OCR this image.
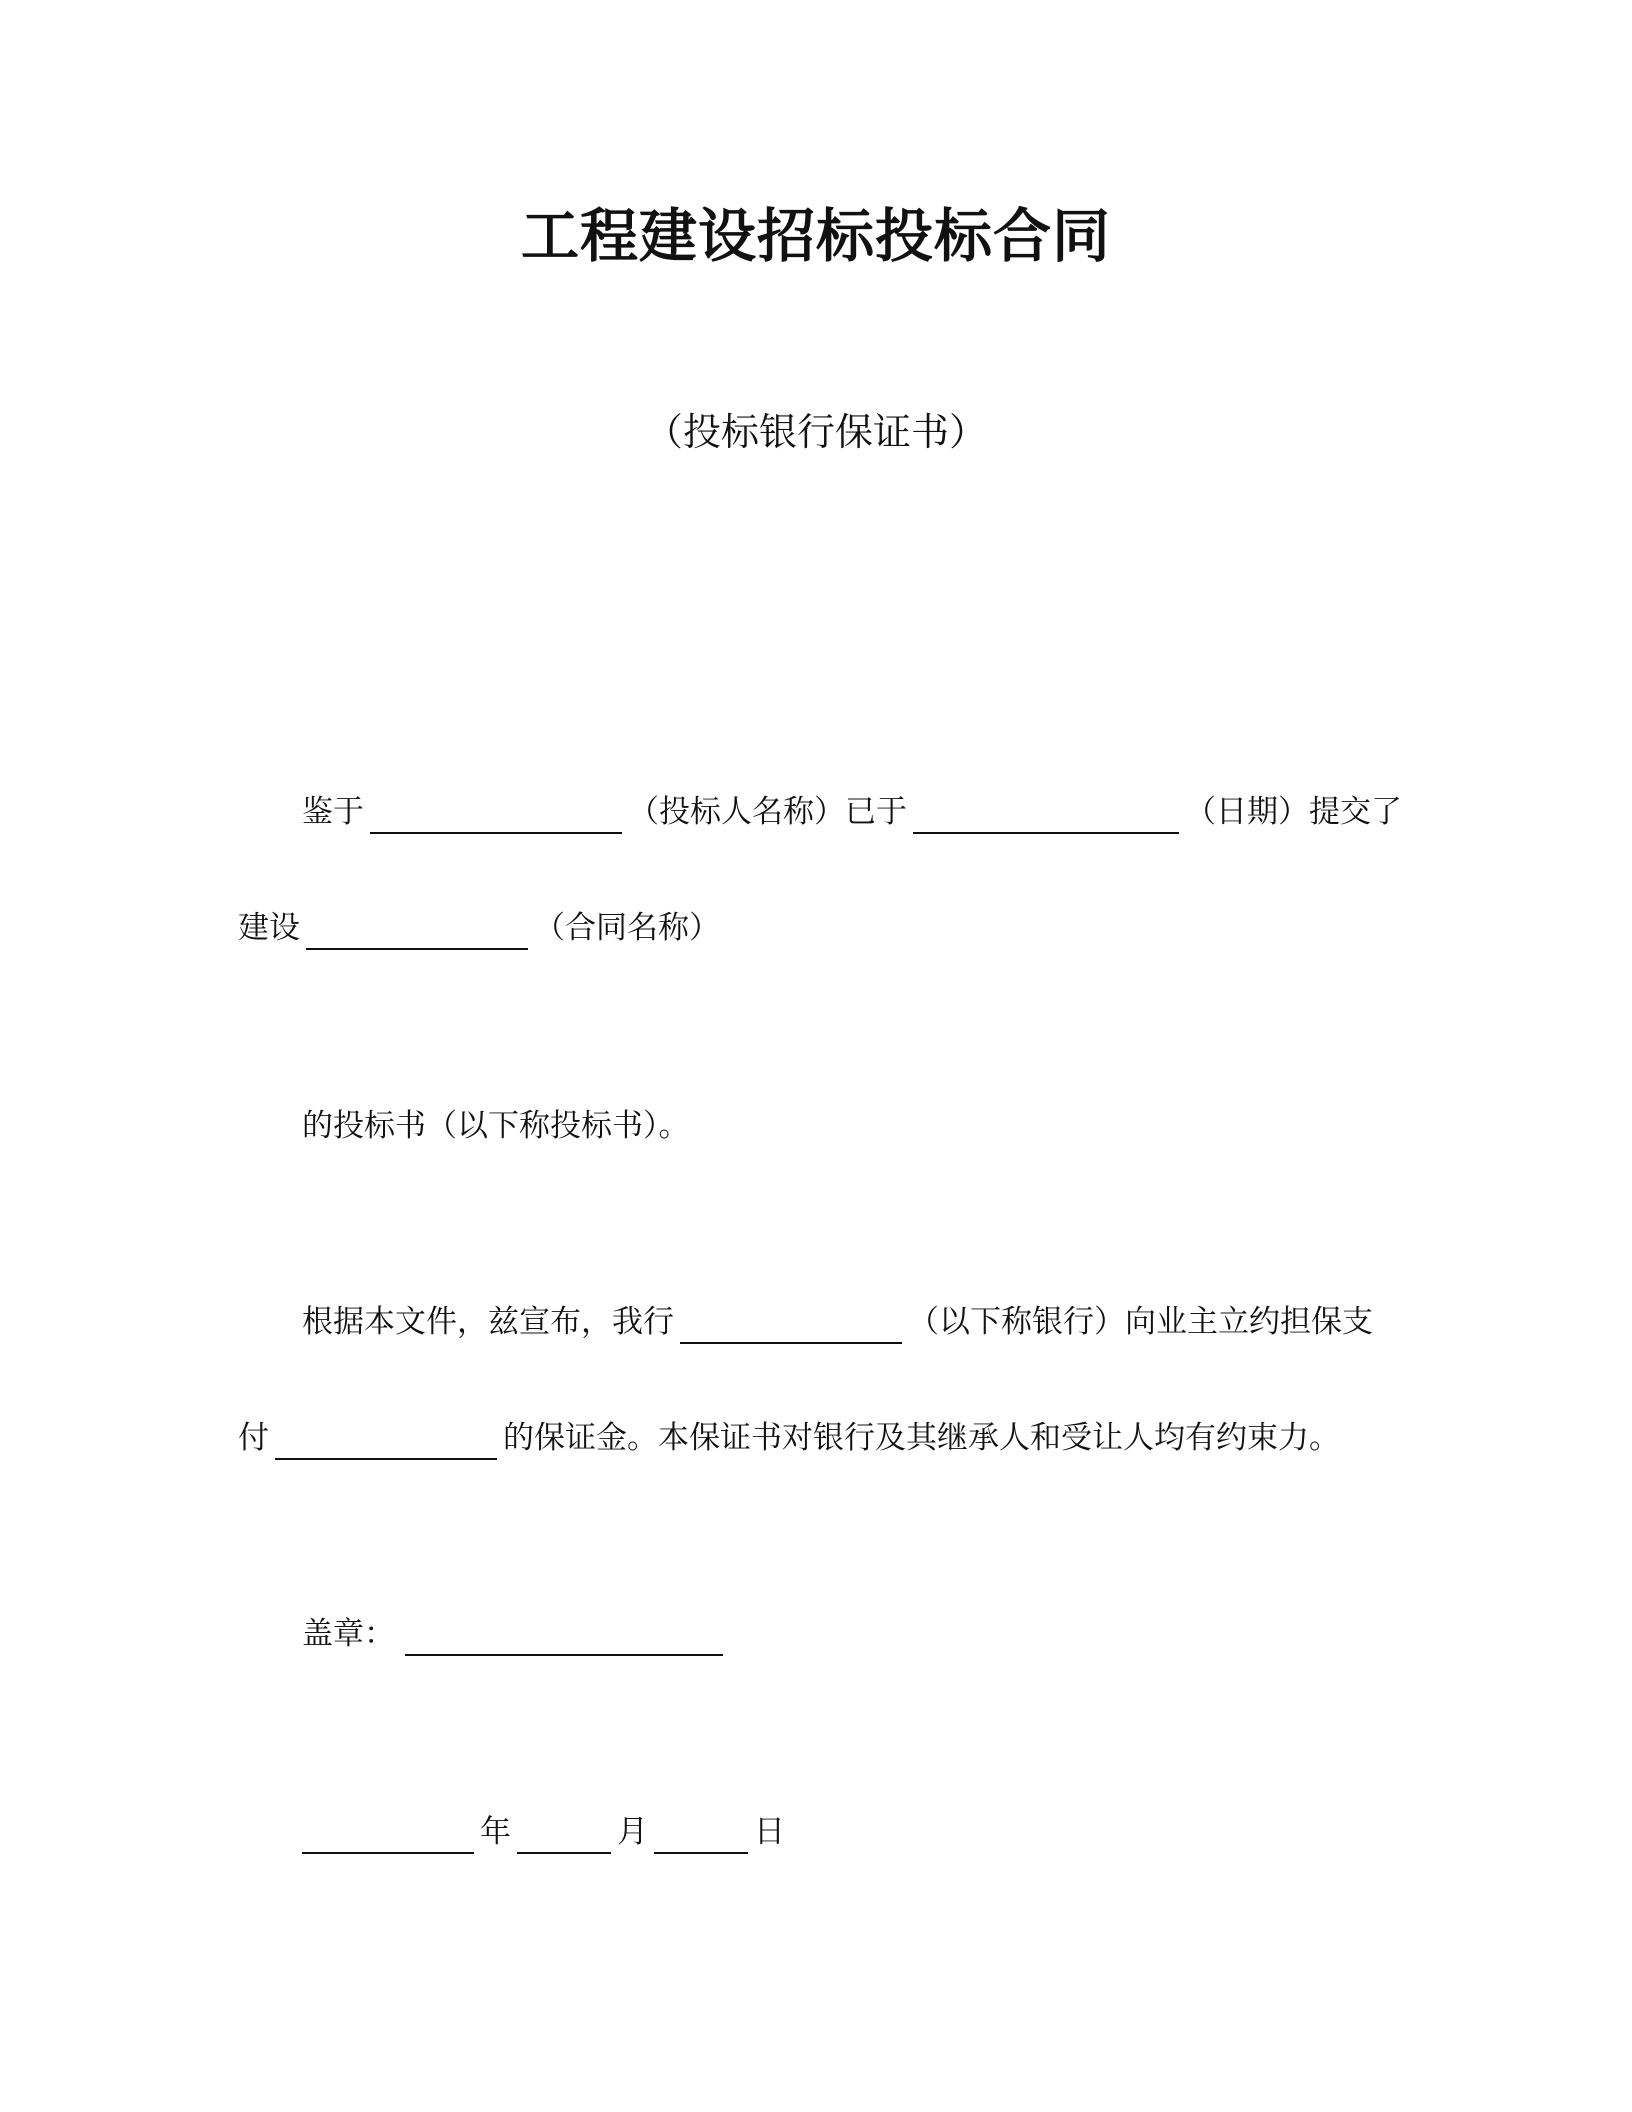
工程建设招标投标合同
（投标银行保证书）
鉴于	（投标人名称）已于	（日期）提交了
建设	（合同名称）
的投标书（以下称投标书）。
根据本文件，兹宣布，我行	（以下称银行）向业主立约担保支
付	的保证金。本保证书对银行及其继承人和受让人均有约束力。
盖章：
年	月	日
